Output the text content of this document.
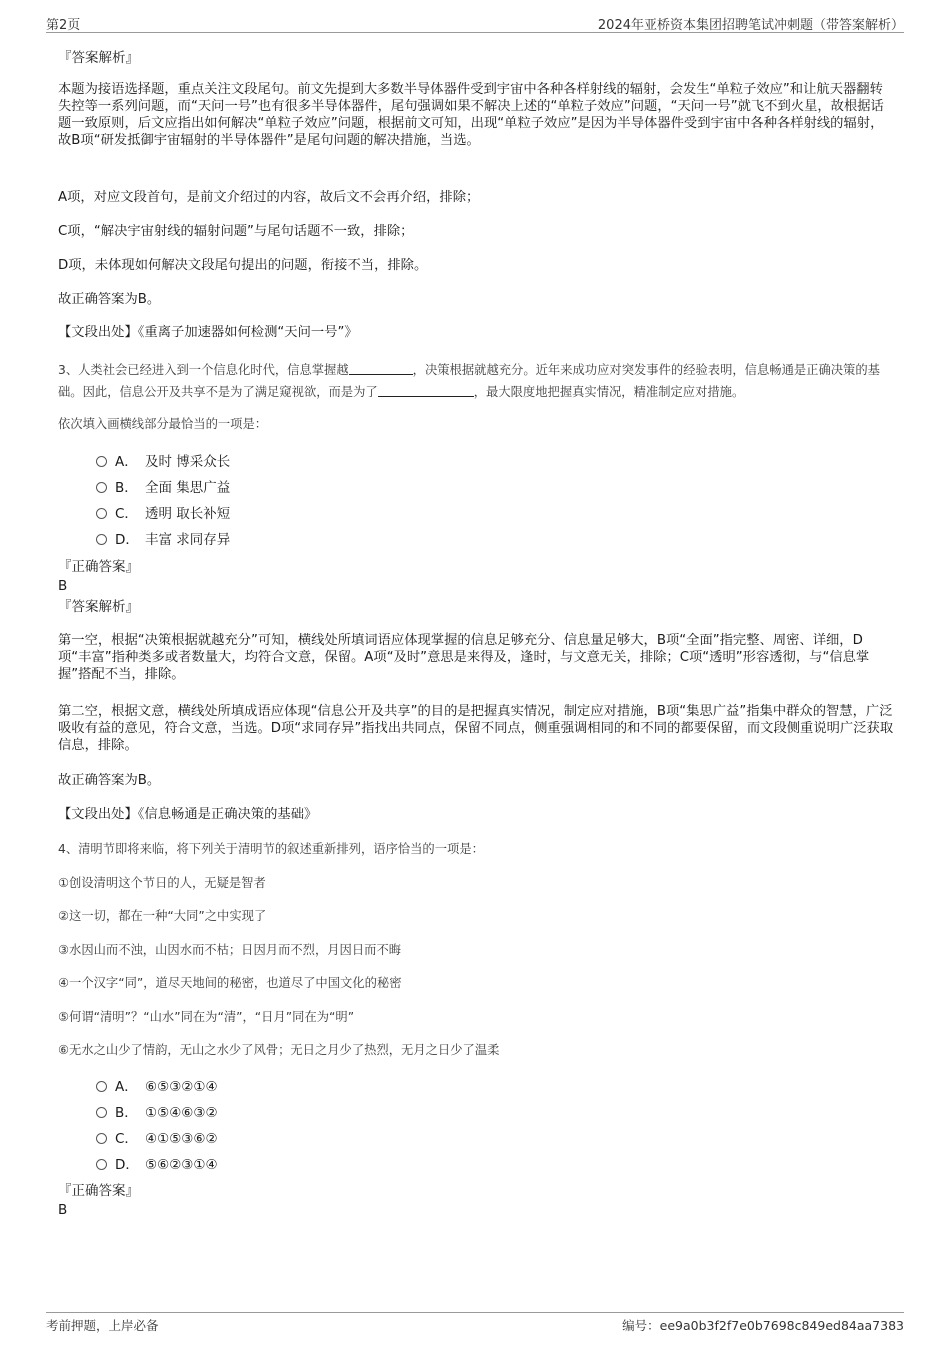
第2页	2024年亚桥资本集团招聘笔试冲刺题（带答案解析）
『答案解析』
本题为接语选择题，重点关注文段尾句。前文先提到大多数半导体器件受到宇宙中各种各样射线的辐射，会发生“单粒子效应”和让航天器翻转失控等一系列问题，而“天问一号”也有很多半导体器件，尾句强调如果不解决上述的“单粒子效应”问题，“天问一号”就飞不到火星，故根据话题一致原则，后文应指出如何解决“单粒子效应”问题，根据前文可知，出现“单粒子效应”是因为半导体器件受到宇宙中各种各样射线的辐射，故B项“研发抵御宇宙辐射的半导体器件”是尾句问题的解决措施，当选。
A项，对应文段首句，是前文介绍过的内容，故后文不会再介绍，排除；
C项，“解决宇宙射线的辐射问题”与尾句话题不一致，排除；
D项，未体现如何解决文段尾句提出的问题，衔接不当，排除。
故正确答案为B。
【文段出处】《重离子加速器如何检测“天问一号”》
3、人类社会已经进入到一个信息化时代，信息掌握越	，决策根据就越充分。近年来成功应对突发事件的经验表明，信息畅通是正确决策的基础。因此，信息公开及共享不是为了满足窥视欲，而是为了	，最大限度地把握真实情况，精准制定应对措施。
依次填入画横线部分最恰当的一项是：
A． 及时 博采众长
B． 全面 集思广益
C． 透明 取长补短
D． 丰富 求同存异
『正确答案』
B
『答案解析』
第一空，根据“决策根据就越充分”可知，横线处所填词语应体现掌握的信息足够充分、信息量足够大，B项“全面”指完整、周密、详细，D项“丰富”指种类多或者数量大，均符合文意，保留。A项“及时”意思是来得及，逢时，与文意无关，排除；C项“透明”形容透彻，与“信息掌握”搭配不当，排除。
第二空，根据文意，横线处所填成语应体现“信息公开及共享”的目的是把握真实情况，制定应对措施，B项“集思广益”指集中群众的智慧，广泛吸收有益的意见，符合文意，当选。D项“求同存异”指找出共同点，保留不同点，侧重强调相同的和不同的都要保留，而文段侧重说明广泛获取信息，排除。
故正确答案为B。
【文段出处】《信息畅通是正确决策的基础》
4、清明节即将来临，将下列关于清明节的叙述重新排列，语序恰当的一项是：
①创设清明这个节日的人，无疑是智者
②这一切，都在一种“大同”之中实现了
③水因山而不浊，山因水而不枯；日因月而不烈，月因日而不晦
④一个汉字“同”，道尽天地间的秘密，也道尽了中国文化的秘密
⑤何谓“清明”？“山水”同在为“清”，“日月”同在为“明”
⑥无水之山少了情韵，无山之水少了风骨；无日之月少了热烈，无月之日少了温柔
A． ⑥⑤③②①④
B． ①⑤④⑥③②
C． ④①⑤③⑥②
D． ⑤⑥②③①④
『正确答案』
B
考前押题，上岸必备	编号：ee9a0b3f2f7e0b7698c849ed84aa7383
